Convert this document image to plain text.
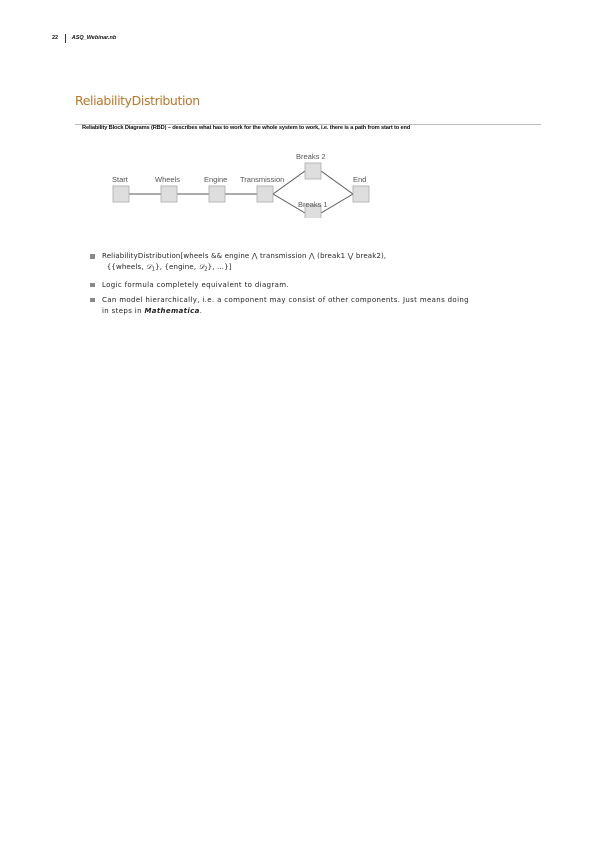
22 ASQ_Webinar.nb
ReliabilityDistribution
Reliability Block Diagrams (RBD) – describes what has to work for the whole system to work, i.e. there is a path from start to end
Start	Wheels	Engine Transmission
Breaks 2
Breaks 1
End
ReliabilityDistribution[wheels && engine ⋀ transmission ⋀ (break1 ⋁ break2),
{{wheels, 𝒟$_1$}, {engine, 𝒟$_2$}, …}]
Logic formula completely equivalent to diagram.
Can model hierarchically, i.e. a component may consist of other components. Just means doing
in steps in Mathematica.
